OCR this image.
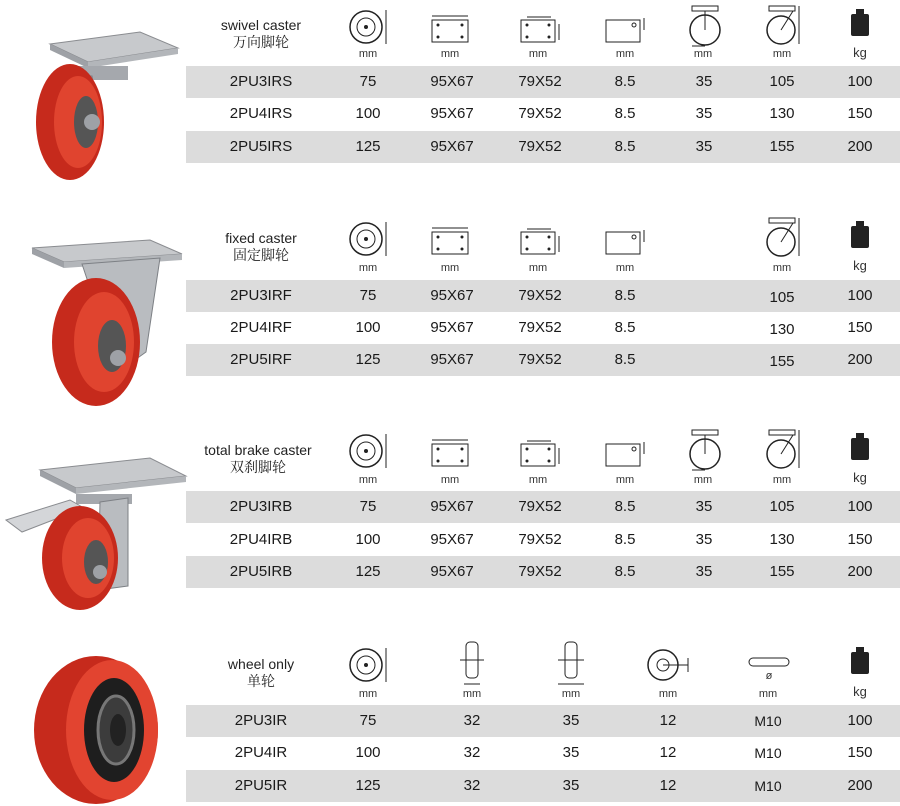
swivel caster
万向脚轮
mm	mm	mm	mm	mm	mm	kg
2PU3IRS	75	95X67	79X52	8.5	35	105	100
2PU4IRS	100	95X67	79X52	8.5	35	130	150
2PU5IRS	125	95X67	79X52	8.5	35	155	200
fixed caster
固定脚轮
mm	mm	mm	mm	mm	kg
2PU3IRF	75	95X67	79X52	8.5	105	100
2PU4IRF	100	95X67	79X52	8.5	130	150
2PU5IRF	125	95X67	79X52	8.5	155	200
total brake caster
双刹脚轮
mm	mm	mm	mm	mm	mm	kg
2PU3IRB	75	95X67	79X52	8.5	35	105	100
2PU4IRB	100	95X67	79X52	8.5	35	130	150
2PU5IRB	125	95X67	79X52	8.5	35	155	200
wheel only
单轮	ø
mm	mm	mm	mm	mm	kg
2PU3IR	75	32	35	12	M10	100
2PU4IR	100	32	35	12	M10	150
2PU5IR	125	32	35	12	M10	200
